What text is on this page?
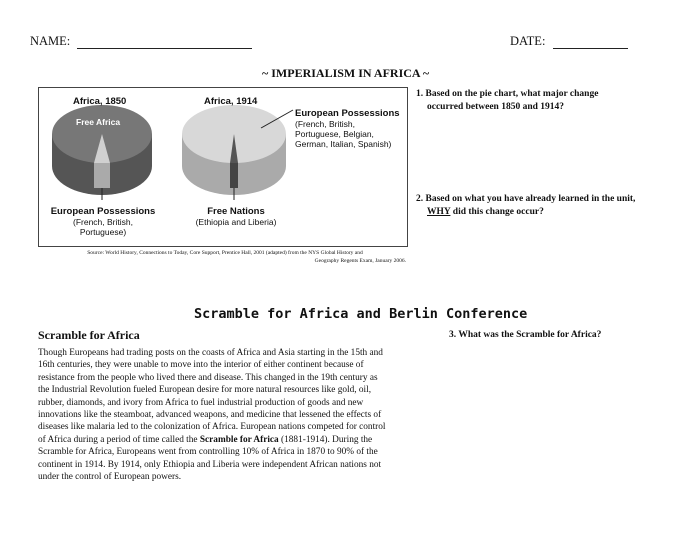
NAME:	DATE:
~ IMPERIALISM IN AFRICA ~
Africa, 1850	Africa, 1914
Free Africa
European Possessions
(French, British,
Portuguese, Belgian,
German, Italian, Spanish)
European Possessions
(French, British,
Portuguese)
Free Nations
(Ethiopia and Liberia)
Source: World History, Connections to Today, Core Support, Prentice Hall, 2001 (adapted) from the NYS Global History and
Geography Regents Exam, January 2006.
1. Based on the pie chart, what major change
occurred between 1850 and 1914?
2. Based on what you have already learned in the unit,
WHY did this change occur?
3. What was the Scramble for Africa?
Scramble for Africa and Berlin Conference
Scramble for Africa
Though Europeans had trading posts on the coasts of Africa and Asia starting in the 15th and
16th centuries, they were unable to move into the interior of either continent because of
resistance from the people who lived there and disease. This changed in the 19th century as
the Industrial Revolution fueled European desire for more natural resources like gold, oil,
rubber, diamonds, and ivory from Africa to fuel industrial production of goods and new
innovations like the steamboat, advanced weapons, and medicine that lessened the effects of
diseases like malaria led to the colonization of Africa. European nations competed for control
of Africa during a period of time called the Scramble for Africa (1881-1914). During the
Scramble for Africa, Europeans went from controlling 10% of Africa in 1870 to 90% of the
continent in 1914. By 1914, only Ethiopia and Liberia were independent African nations not
under the control of European powers.
